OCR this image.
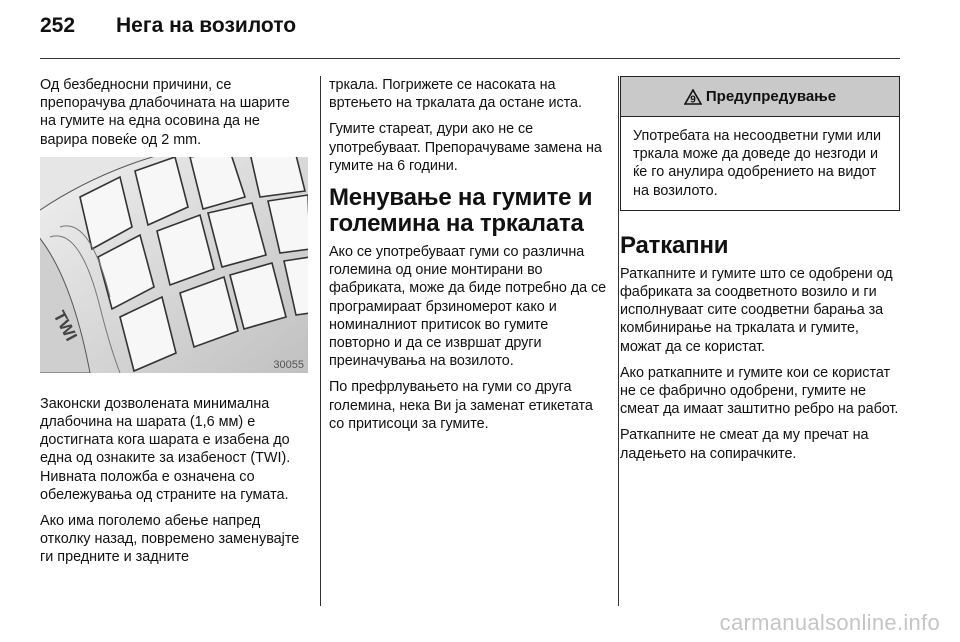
252	Нега на возилото

Од безбедносни причини, се препорачува длабочината на шарите на гумите на една осовина да не варира повеќе од 2 mm.

TWI
30055

Законски дозволената минимална длабочина на шарата (1,6 мм) е достигната кога шарата е изабена до една од ознаките за изабеност (TWI). Нивната положба е означена со обележувања од страните на гумата.

Ако има поголемо абење напред отколку назад, повремено заменувајте ги предните и задните

тркала. Погрижете се насоката на вртењето на тркалата да остане иста.

Гумите стареат, дури ако не се употребуваат. Препорачуваме замена на гумите на 6 години.

Менување на гумите и големина на тркалата

Ако се употребуваат гуми со различна големина од оние монтирани во фабриката, може да биде потребно да се програмираат брзиномерот како и номиналниот притисок во гумите повторно и да се извршат други преиначувања на возилото.

По префрлувањето на гуми со друга големина, нека Ви ја заменат етикетата со притисоци за гумите.

9 Предупредување
Употребата на несоодветни гуми или тркала може да доведе до незгоди и ќе го анулира одобрението на видот на возилото.
Раткапни

Раткапните и гумите што се одобрени од фабриката за соодветното возило и ги исполнуваат сите соодветни барања за комбинирање на тркалата и гумите, можат да се користат.

Ако раткапните и гумите кои се користат не се фабрично одобрени, гумите не смеат да имаат заштитно ребро на работ.

Раткапните не смеат да му пречат на ладењето на сопирачките.

carmanualsonline.info
